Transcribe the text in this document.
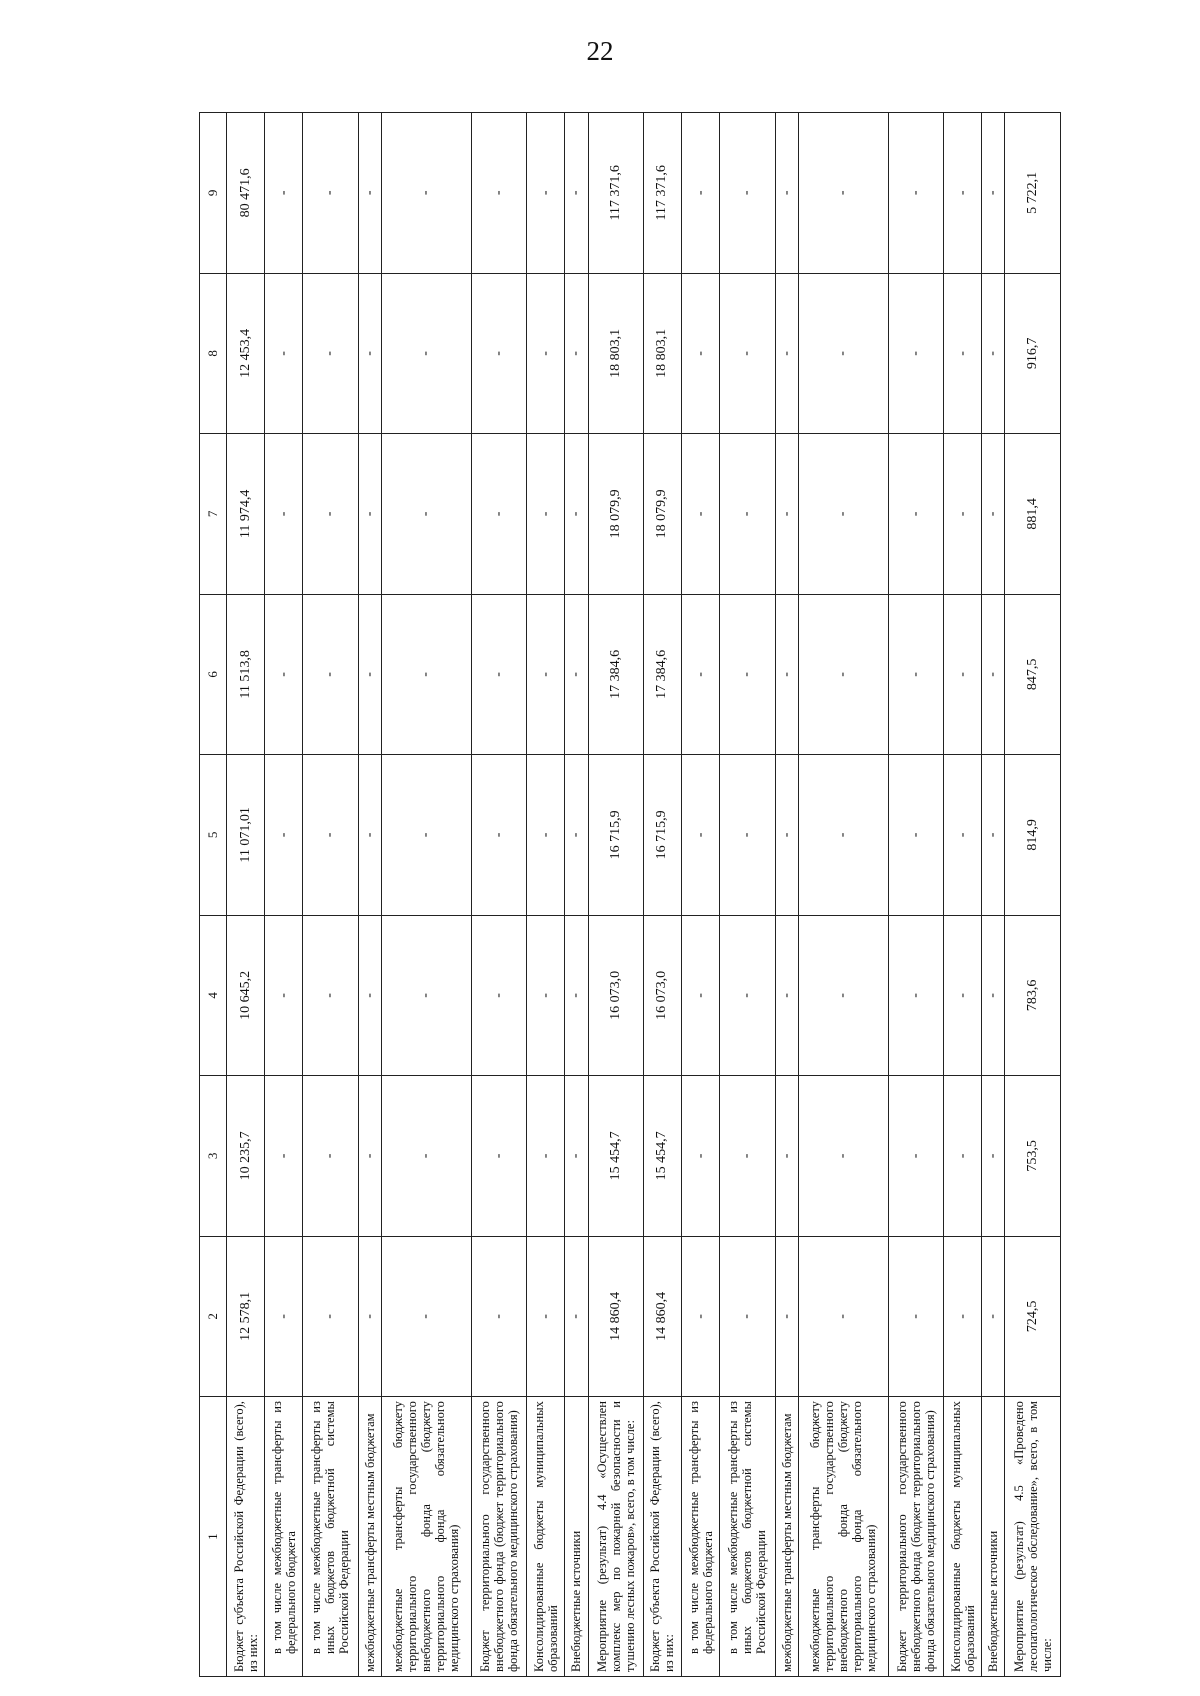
22
1	2	3	4	5	6	7	8	9
Бюджет субъекта Российской Федерации (всего), из них:	12 578,1	10 235,7	10 645,2	11 071,01	11 513,8	11 974,4	12 453,4	80 471,6
в том числе межбюджетные трансферты из федерального бюджета	-	-	-	-	-	-	-	-
в том числе межбюджетные трансферты из иных бюджетов бюджетной системы Российской Федерации	-	-	-	-	-	-	-	-
межбюджетные трансферты местным бюджетам	-	-	-	-	-	-	-	-
межбюджетные трансферты бюджету территориального государственного внебюджетного фонда (бюджету территориального фонда обязательного медицинского страхования)	-	-	-	-	-	-	-	-
Бюджет территориального государственного внебюджетного фонда (бюджет территориального фонда обязательного медицинского страхования)	-	-	-	-	-	-	-	-
Консолидированные бюджеты муниципальных образований	-	-	-	-	-	-	-	-
Внебюджетные источники	-	-	-	-	-	-	-	-
Мероприятие (результат) 4.4 «Осуществлен комплекс мер по пожарной безопасности и тушению лесных пожаров», всего, в том числе:	14 860,4	15 454,7	16 073,0	16 715,9	17 384,6	18 079,9	18 803,1	117 371,6
Бюджет субъекта Российской Федерации (всего), из них:	14 860,4	15 454,7	16 073,0	16 715,9	17 384,6	18 079,9	18 803,1	117 371,6
в том числе межбюджетные трансферты из федерального бюджета	-	-	-	-	-	-	-	-
в том числе межбюджетные трансферты из иных бюджетов бюджетной системы Российской Федерации	-	-	-	-	-	-	-	-
межбюджетные трансферты местным бюджетам	-	-	-	-	-	-	-	-
межбюджетные трансферты бюджету территориального государственного внебюджетного фонда (бюджету территориального фонда обязательного медицинского страхования)	-	-	-	-	-	-	-	-
Бюджет территориального государственного внебюджетного фонда (бюджет территориального фонда обязательного медицинского страхования)	-	-	-	-	-	-	-	-
Консолидированные бюджеты муниципальных образований	-	-	-	-	-	-	-	-
Внебюджетные источники	-	-	-	-	-	-	-	-
Мероприятие (результат) 4.5 «Проведено лесопатологическое обследование», всего, в том числе:	724,5	753,5	783,6	814,9	847,5	881,4	916,7	5 722,1
